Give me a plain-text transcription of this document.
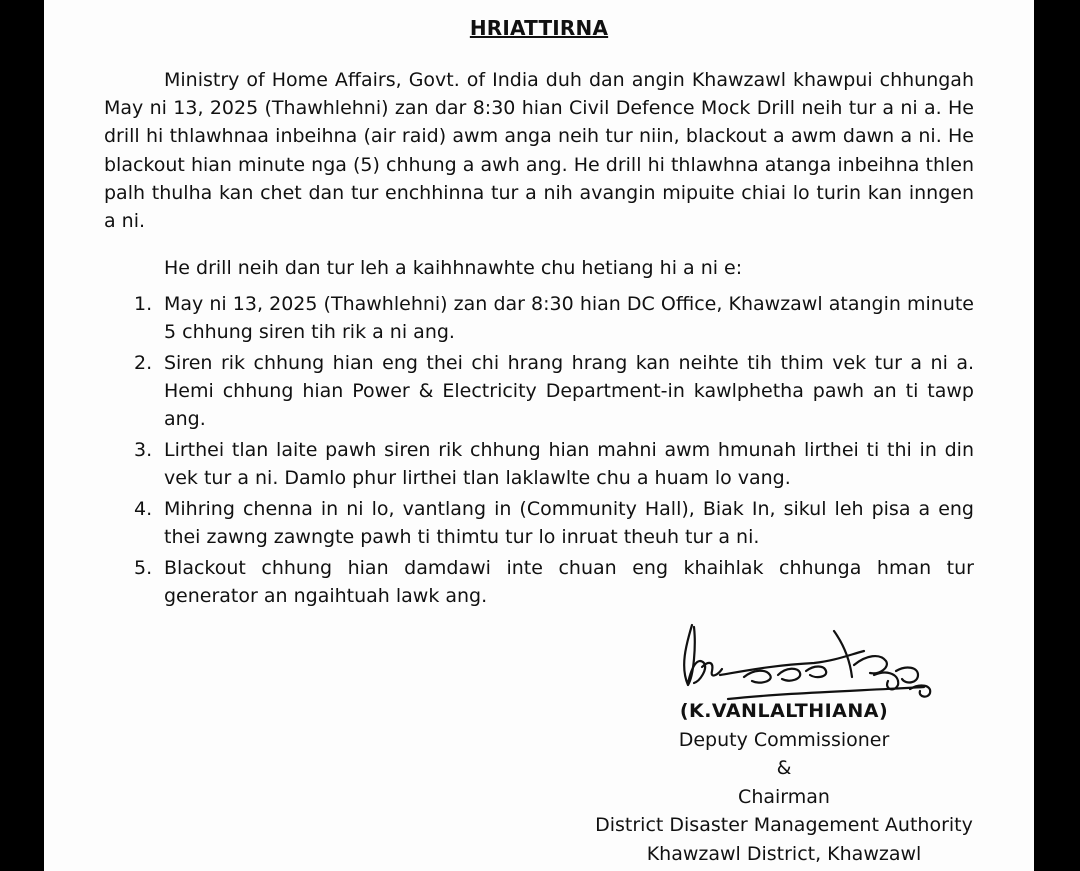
HRIATTIRNA

Ministry of Home Affairs, Govt. of India duh dan angin Khawzawl khawpui chhungah May ni 13, 2025 (Thawhlehni) zan dar 8:30 hian Civil Defence Mock Drill neih tur a ni a. He drill hi thlawhnaa inbeihna (air raid) awm anga neih tur niin, blackout a awm dawn a ni. He blackout hian minute nga (5) chhung a awh ang. He drill hi thlawhna atanga inbeihna thlen palh thulha kan chet dan tur enchhinna tur a nih avangin mipuite chiai lo turin kan inngen a ni.

He drill neih dan tur leh a kaihhnawhte chu hetiang hi a ni e:
1. May ni 13, 2025 (Thawhlehni) zan dar 8:30 hian DC Office, Khawzawl atangin minute 5 chhung siren tih rik a ni ang.
2. Siren rik chhung hian eng thei chi hrang hrang kan neihte tih thim vek tur a ni a. Hemi chhung hian Power & Electricity Department-in kawlphetha pawh an ti tawp ang.
3. Lirthei tlan laite pawh siren rik chhung hian mahni awm hmunah lirthei ti thi in din vek tur a ni. Damlo phur lirthei tlan laklawlte chu a huam lo vang.
4. Mihring chenna in ni lo, vantlang in (Community Hall), Biak In, sikul leh pisa a eng thei zawng zawngte pawh ti thimtu tur lo inruat theuh tur a ni.
5. Blackout chhung hian damdawi inte chuan eng khaihlak chhunga hman tur generator an ngaihtuah lawk ang.
(K.VANLALTHIANA)
Deputy Commissioner
&
Chairman
District Disaster Management Authority
Khawzawl District, Khawzawl
